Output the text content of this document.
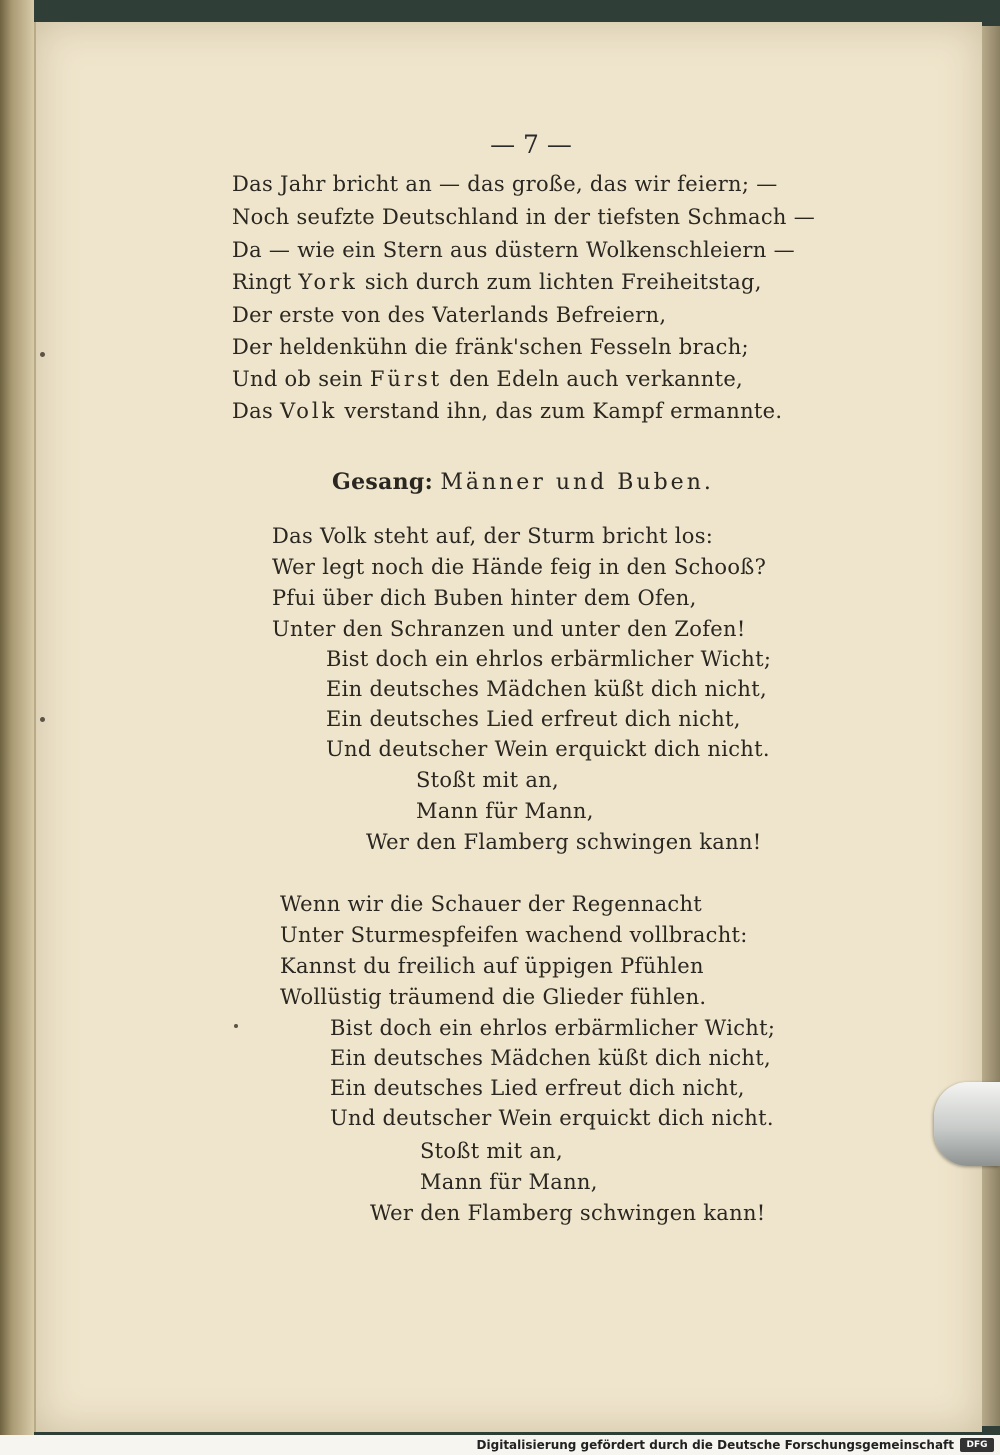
— 7 —
Das Jahr bricht an — das große, das wir feiern; —
Noch seufzte Deutschland in der tiefsten Schmach —
Da — wie ein Stern aus düstern Wolkenschleiern —
Ringt York sich durch zum lichten Freiheitstag,
Der erste von des Vaterlands Befreiern,
Der heldenkühn die fränk'schen Fesseln brach;
Und ob sein Fürst den Edeln auch verkannte,
Das Volk verstand ihn, das zum Kampf ermannte.
Gesang: Männer und Buben.
Das Volk steht auf, der Sturm bricht los:
Wer legt noch die Hände feig in den Schooß?
Pfui über dich Buben hinter dem Ofen,
Unter den Schranzen und unter den Zofen!
Bist doch ein ehrlos erbärmlicher Wicht;
Ein deutsches Mädchen küßt dich nicht,
Ein deutsches Lied erfreut dich nicht,
Und deutscher Wein erquickt dich nicht.
Stoßt mit an,
Mann für Mann,
Wer den Flamberg schwingen kann!
Wenn wir die Schauer der Regennacht
Unter Sturmespfeifen wachend vollbracht:
Kannst du freilich auf üppigen Pfühlen
Wollüstig träumend die Glieder fühlen.
Bist doch ein ehrlos erbärmlicher Wicht;
Ein deutsches Mädchen küßt dich nicht,
Ein deutsches Lied erfreut dich nicht,
Und deutscher Wein erquickt dich nicht.
Stoßt mit an,
Mann für Mann,
Wer den Flamberg schwingen kann!
Digitalisierung gefördert durch die Deutsche Forschungsgemeinschaft	DFG
